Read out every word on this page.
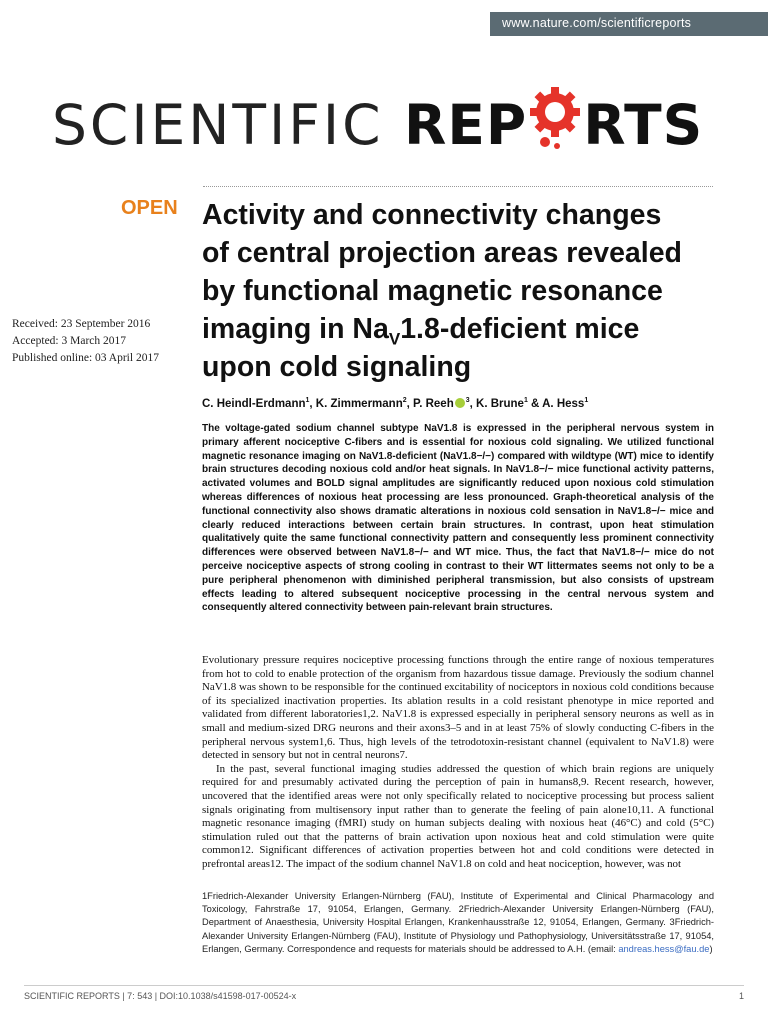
www.nature.com/scientificreports
SCIENTIFIC REP RTS
OPEN
Received: 23 September 2016
Accepted: 3 March 2017
Published online: 03 April 2017
Activity and connectivity changes
of central projection areas revealed
by functional magnetic resonance
imaging in $Na_V1.8$-deficient mice
upon cold signaling
C. Heindl-Erdmann$^1$, K. Zimmermann$^2$, P. Reeh $^3$, K. Brune$^1$ & A. Hess$^1$
The voltage-gated sodium channel subtype NaV1.8 is expressed in the peripheral nervous system in primary afferent nociceptive C-fibers and is essential for noxious cold signaling. We utilized functional magnetic resonance imaging on NaV1.8-deficient (NaV1.8−/−) compared with wildtype (WT) mice to identify brain structures decoding noxious cold and/or heat signals. In NaV1.8−/− mice functional activity patterns, activated volumes and BOLD signal amplitudes are significantly reduced upon noxious cold stimulation whereas differences of noxious heat processing are less pronounced. Graph-theoretical analysis of the functional connectivity also shows dramatic alterations in noxious cold sensation in NaV1.8−/− mice and clearly reduced interactions between certain brain structures. In contrast, upon heat stimulation qualitatively quite the same functional connectivity pattern and consequently less prominent connectivity differences were observed between NaV1.8−/− and WT mice. Thus, the fact that NaV1.8−/− mice do not perceive nociceptive aspects of strong cooling in contrast to their WT littermates seems not only to be a pure peripheral phenomenon with diminished peripheral transmission, but also consists of upstream effects leading to altered subsequent nociceptive processing in the central nervous system and consequently altered connectivity between pain-relevant brain structures.

Evolutionary pressure requires nociceptive processing functions through the entire range of noxious temperatures from hot to cold to enable protection of the organism from hazardous tissue damage. Previously the sodium channel NaV1.8 was shown to be responsible for the continued excitability of nociceptors in noxious cold conditions because of its specialized inactivation properties. Its ablation results in a cold resistant phenotype in mice reported and validated from different laboratories1,2. NaV1.8 is expressed especially in peripheral sensory neurons as well as in small and medium-sized DRG neurons and their axons3–5 and in at least 75% of slowly conducting C-fibers in the peripheral nervous system1,6. Thus, high levels of the tetrodotoxin-resistant channel (equivalent to NaV1.8) were detected in sensory but not in central neurons7.

In the past, several functional imaging studies addressed the question of which brain regions are uniquely required for and presumably activated during the perception of pain in humans8,9. Recent research, however, uncovered that the identified areas were not only specifically related to nociceptive processing but process salient signals originating from multisensory input rather than to generate the feeling of pain alone10,11. A functional magnetic resonance imaging (fMRI) study on human subjects dealing with noxious heat (46°C) and cold (5°C) stimulation ruled out that the patterns of brain activation upon noxious heat and cold stimulation were quite common12. Significant differences of activation properties between hot and cold conditions were detected in prefrontal areas12. The impact of the sodium channel NaV1.8 on cold and heat nociception, however, was not

1Friedrich-Alexander University Erlangen-Nürnberg (FAU), Institute of Experimental and Clinical Pharmacology and Toxicology, Fahrstraße 17, 91054, Erlangen, Germany. 2Friedrich-Alexander University Erlangen-Nürnberg (FAU), Department of Anaesthesia, University Hospital Erlangen, Krankenhausstraße 12, 91054, Erlangen, Germany. 3Friedrich-Alexander University Erlangen-Nürnberg (FAU), Institute of Physiology und Pathophysiology, Universitätsstraße 17, 91054, Erlangen, Germany. Correspondence and requests for materials should be addressed to A.H. (email: andreas.hess@fau.de)
SCIENTIFIC REPORTS | 7: 543 | DOI:10.1038/s41598-017-00524-x	1
